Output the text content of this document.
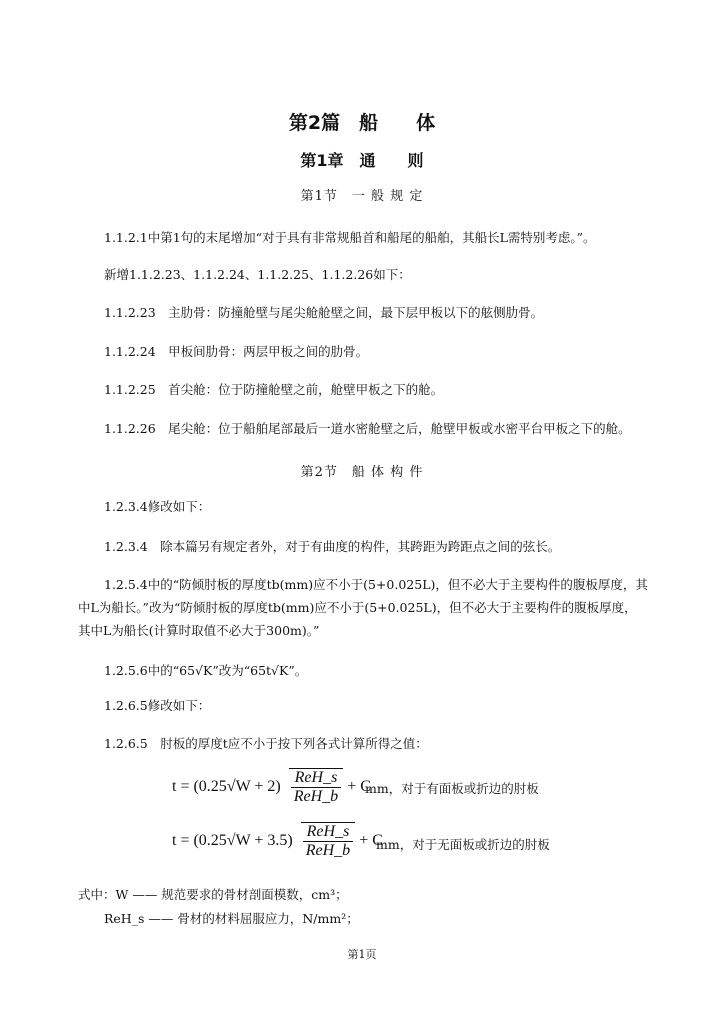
第2篇　船　　体
第1章　通　　则
第1节　一 般 规 定
1.1.2.1中第1句的末尾增加“对于具有非常规船首和船尾的船舶，其船长L需特别考虑。”。
新增1.1.2.23、1.1.2.24、1.1.2.25、1.1.2.26如下：
1.1.2.23　主肋骨：防撞舱壁与尾尖舱舱壁之间，最下层甲板以下的舷侧肋骨。
1.1.2.24　甲板间肋骨：两层甲板之间的肋骨。
1.1.2.25　首尖舱：位于防撞舱壁之前，舱壁甲板之下的舱。
1.1.2.26　尾尖舱：位于船舶尾部最后一道水密舱壁之后，舱壁甲板或水密平台甲板之下的舱。
第2节　船 体 构 件
1.2.3.4修改如下：
1.2.3.4　除本篇另有规定者外，对于有曲度的构件，其跨距为跨距点之间的弦长。
1.2.5.4中的“防倾肘板的厚度tb(mm)应不小于(5+0.025L)，但不必大于主要构件的腹板厚度，其中L为船长。”改为“防倾肘板的厚度tb(mm)应不小于(5+0.025L)，但不必大于主要构件的腹板厚度，其中L为船长(计算时取值不必大于300m)。”
1.2.5.6中的“65√K”改为“65t√K”。
1.2.6.5修改如下：
1.2.6.5　肘板的厚度t应不小于按下列各式计算所得之值：
$t = (0.25√W + 2) \frac{\text{ReH\_s}}{\text{ReH\_b}} + C$
mm，对于有面板或折边的肘板
$t = (0.25√W + 3.5) \frac{\text{ReH\_s}}{\text{ReH\_b}} + C$
mm，对于无面板或折边的肘板
式中：W —— 规范要求的骨材剖面模数，cm³；
ReH_s —— 骨材的材料屈服应力，N/mm²；
第1页
